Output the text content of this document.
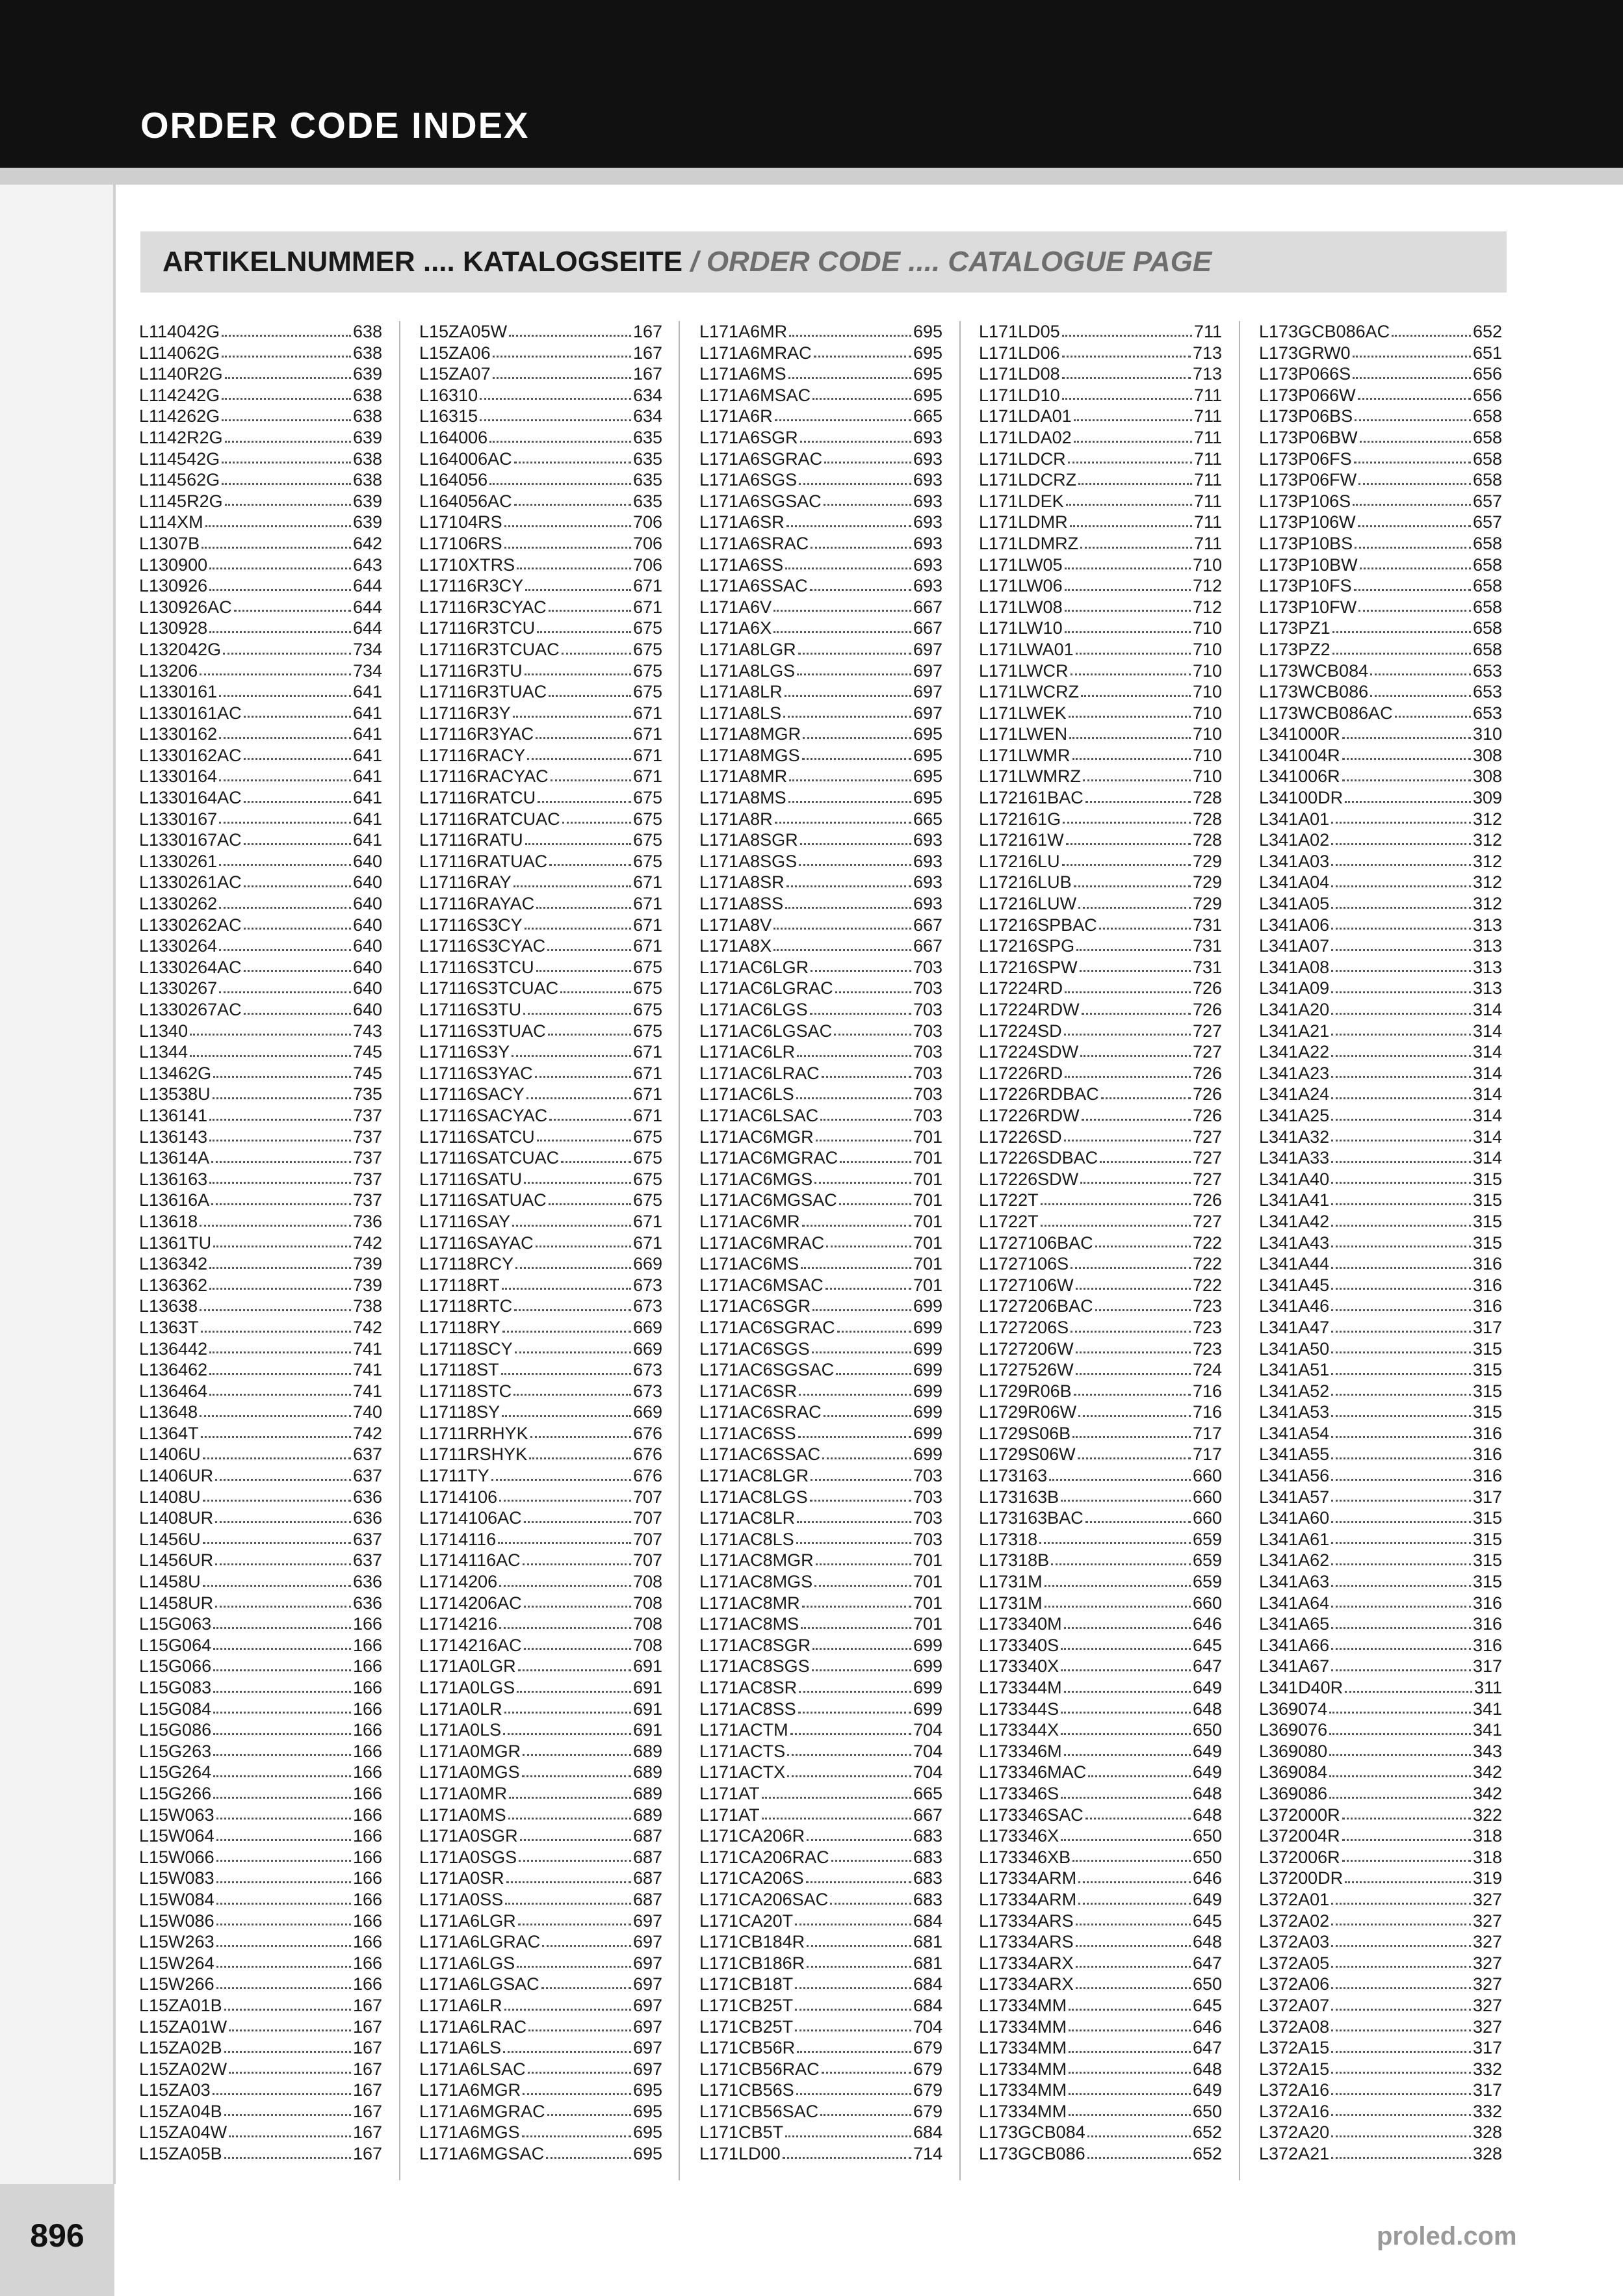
ORDER CODE INDEX
ARTIKELNUMMER .... KATALOGSEITE / ORDER CODE .... CATALOGUE PAGE
L114042G	638
L114062G	638
L1140R2G	639
L114242G	638
L114262G	638
L1142R2G	639
L114542G	638
L114562G	638
L1145R2G	639
L114XM	639
L1307B	642
L130900	643
L130926	644
L130926AC	644
L130928	644
L132042G	734
L13206	734
L1330161	641
L1330161AC	641
L1330162	641
L1330162AC	641
L1330164	641
L1330164AC	641
L1330167	641
L1330167AC	641
L1330261	640
L1330261AC	640
L1330262	640
L1330262AC	640
L1330264	640
L1330264AC	640
L1330267	640
L1330267AC	640
L1340	743
L1344	745
L13462G	745
L13538U	735
L136141	737
L136143	737
L13614A	737
L136163	737
L13616A	737
L13618	736
L1361TU	742
L136342	739
L136362	739
L13638	738
L1363T	742
L136442	741
L136462	741
L136464	741
L13648	740
L1364T	742
L1406U	637
L1406UR	637
L1408U	636
L1408UR	636
L1456U	637
L1456UR	637
L1458U	636
L1458UR	636
L15G063	166
L15G064	166
L15G066	166
L15G083	166
L15G084	166
L15G086	166
L15G263	166
L15G264	166
L15G266	166
L15W063	166
L15W064	166
L15W066	166
L15W083	166
L15W084	166
L15W086	166
L15W263	166
L15W264	166
L15W266	166
L15ZA01B	167
L15ZA01W	167
L15ZA02B	167
L15ZA02W	167
L15ZA03	167
L15ZA04B	167
L15ZA04W	167
L15ZA05B	167
L15ZA05W	167
L15ZA06	167
L15ZA07	167
L16310	634
L16315	634
L164006	635
L164006AC	635
L164056	635
L164056AC	635
L17104RS	706
L17106RS	706
L1710XTRS	706
L17116R3CY	671
L17116R3CYAC	671
L17116R3TCU	675
L17116R3TCUAC	675
L17116R3TU	675
L17116R3TUAC	675
L17116R3Y	671
L17116R3YAC	671
L17116RACY	671
L17116RACYAC	671
L17116RATCU	675
L17116RATCUAC	675
L17116RATU	675
L17116RATUAC	675
L17116RAY	671
L17116RAYAC	671
L17116S3CY	671
L17116S3CYAC	671
L17116S3TCU	675
L17116S3TCUAC	675
L17116S3TU	675
L17116S3TUAC	675
L17116S3Y	671
L17116S3YAC	671
L17116SACY	671
L17116SACYAC	671
L17116SATCU	675
L17116SATCUAC	675
L17116SATU	675
L17116SATUAC	675
L17116SAY	671
L17116SAYAC	671
L17118RCY	669
L17118RT	673
L17118RTC	673
L17118RY	669
L17118SCY	669
L17118ST	673
L17118STC	673
L17118SY	669
L1711RRHYK	676
L1711RSHYK	676
L1711TY	676
L1714106	707
L1714106AC	707
L1714116	707
L1714116AC	707
L1714206	708
L1714206AC	708
L1714216	708
L1714216AC	708
L171A0LGR	691
L171A0LGS	691
L171A0LR	691
L171A0LS	691
L171A0MGR	689
L171A0MGS	689
L171A0MR	689
L171A0MS	689
L171A0SGR	687
L171A0SGS	687
L171A0SR	687
L171A0SS	687
L171A6LGR	697
L171A6LGRAC	697
L171A6LGS	697
L171A6LGSAC	697
L171A6LR	697
L171A6LRAC	697
L171A6LS	697
L171A6LSAC	697
L171A6MGR	695
L171A6MGRAC	695
L171A6MGS	695
L171A6MGSAC	695
L171A6MR	695
L171A6MRAC	695
L171A6MS	695
L171A6MSAC	695
L171A6R	665
L171A6SGR	693
L171A6SGRAC	693
L171A6SGS	693
L171A6SGSAC	693
L171A6SR	693
L171A6SRAC	693
L171A6SS	693
L171A6SSAC	693
L171A6V	667
L171A6X	667
L171A8LGR	697
L171A8LGS	697
L171A8LR	697
L171A8LS	697
L171A8MGR	695
L171A8MGS	695
L171A8MR	695
L171A8MS	695
L171A8R	665
L171A8SGR	693
L171A8SGS	693
L171A8SR	693
L171A8SS	693
L171A8V	667
L171A8X	667
L171AC6LGR	703
L171AC6LGRAC	703
L171AC6LGS	703
L171AC6LGSAC	703
L171AC6LR	703
L171AC6LRAC	703
L171AC6LS	703
L171AC6LSAC	703
L171AC6MGR	701
L171AC6MGRAC	701
L171AC6MGS	701
L171AC6MGSAC	701
L171AC6MR	701
L171AC6MRAC	701
L171AC6MS	701
L171AC6MSAC	701
L171AC6SGR	699
L171AC6SGRAC	699
L171AC6SGS	699
L171AC6SGSAC	699
L171AC6SR	699
L171AC6SRAC	699
L171AC6SS	699
L171AC6SSAC	699
L171AC8LGR	703
L171AC8LGS	703
L171AC8LR	703
L171AC8LS	703
L171AC8MGR	701
L171AC8MGS	701
L171AC8MR	701
L171AC8MS	701
L171AC8SGR	699
L171AC8SGS	699
L171AC8SR	699
L171AC8SS	699
L171ACTM	704
L171ACTS	704
L171ACTX	704
L171AT	665
L171AT	667
L171CA206R	683
L171CA206RAC	683
L171CA206S	683
L171CA206SAC	683
L171CA20T	684
L171CB184R	681
L171CB186R	681
L171CB18T	684
L171CB25T	684
L171CB25T	704
L171CB56R	679
L171CB56RAC	679
L171CB56S	679
L171CB56SAC	679
L171CB5T	684
L171LD00	714
L171LD05	711
L171LD06	713
L171LD08	713
L171LD10	711
L171LDA01	711
L171LDA02	711
L171LDCR	711
L171LDCRZ	711
L171LDEK	711
L171LDMR	711
L171LDMRZ	711
L171LW05	710
L171LW06	712
L171LW08	712
L171LW10	710
L171LWA01	710
L171LWCR	710
L171LWCRZ	710
L171LWEK	710
L171LWEN	710
L171LWMR	710
L171LWMRZ	710
L172161BAC	728
L172161G	728
L172161W	728
L17216LU	729
L17216LUB	729
L17216LUW	729
L17216SPBAC	731
L17216SPG	731
L17216SPW	731
L17224RD	726
L17224RDW	726
L17224SD	727
L17224SDW	727
L17226RD	726
L17226RDBAC	726
L17226RDW	726
L17226SD	727
L17226SDBAC	727
L17226SDW	727
L1722T	726
L1722T	727
L1727106BAC	722
L1727106S	722
L1727106W	722
L1727206BAC	723
L1727206S	723
L1727206W	723
L1727526W	724
L1729R06B	716
L1729R06W	716
L1729S06B	717
L1729S06W	717
L173163	660
L173163B	660
L173163BAC	660
L17318	659
L17318B	659
L1731M	659
L1731M	660
L173340M	646
L173340S	645
L173340X	647
L173344M	649
L173344S	648
L173344X	650
L173346M	649
L173346MAC	649
L173346S	648
L173346SAC	648
L173346X	650
L173346XB	650
L17334ARM	646
L17334ARM	649
L17334ARS	645
L17334ARS	648
L17334ARX	647
L17334ARX	650
L17334MM	645
L17334MM	646
L17334MM	647
L17334MM	648
L17334MM	649
L17334MM	650
L173GCB084	652
L173GCB086	652
L173GCB086AC	652
L173GRW0	651
L173P066S	656
L173P066W	656
L173P06BS	658
L173P06BW	658
L173P06FS	658
L173P06FW	658
L173P106S	657
L173P106W	657
L173P10BS	658
L173P10BW	658
L173P10FS	658
L173P10FW	658
L173PZ1	658
L173PZ2	658
L173WCB084	653
L173WCB086	653
L173WCB086AC	653
L341000R	310
L341004R	308
L341006R	308
L34100DR	309
L341A01	312
L341A02	312
L341A03	312
L341A04	312
L341A05	312
L341A06	313
L341A07	313
L341A08	313
L341A09	313
L341A20	314
L341A21	314
L341A22	314
L341A23	314
L341A24	314
L341A25	314
L341A32	314
L341A33	314
L341A40	315
L341A41	315
L341A42	315
L341A43	315
L341A44	316
L341A45	316
L341A46	316
L341A47	317
L341A50	315
L341A51	315
L341A52	315
L341A53	315
L341A54	316
L341A55	316
L341A56	316
L341A57	317
L341A60	315
L341A61	315
L341A62	315
L341A63	315
L341A64	316
L341A65	316
L341A66	316
L341A67	317
L341D40R	311
L369074	341
L369076	341
L369080	343
L369084	342
L369086	342
L372000R	322
L372004R	318
L372006R	318
L37200DR	319
L372A01	327
L372A02	327
L372A03	327
L372A05	327
L372A06	327
L372A07	327
L372A08	327
L372A15	317
L372A15	332
L372A16	317
L372A16	332
L372A20	328
L372A21	328
896	proled.com
